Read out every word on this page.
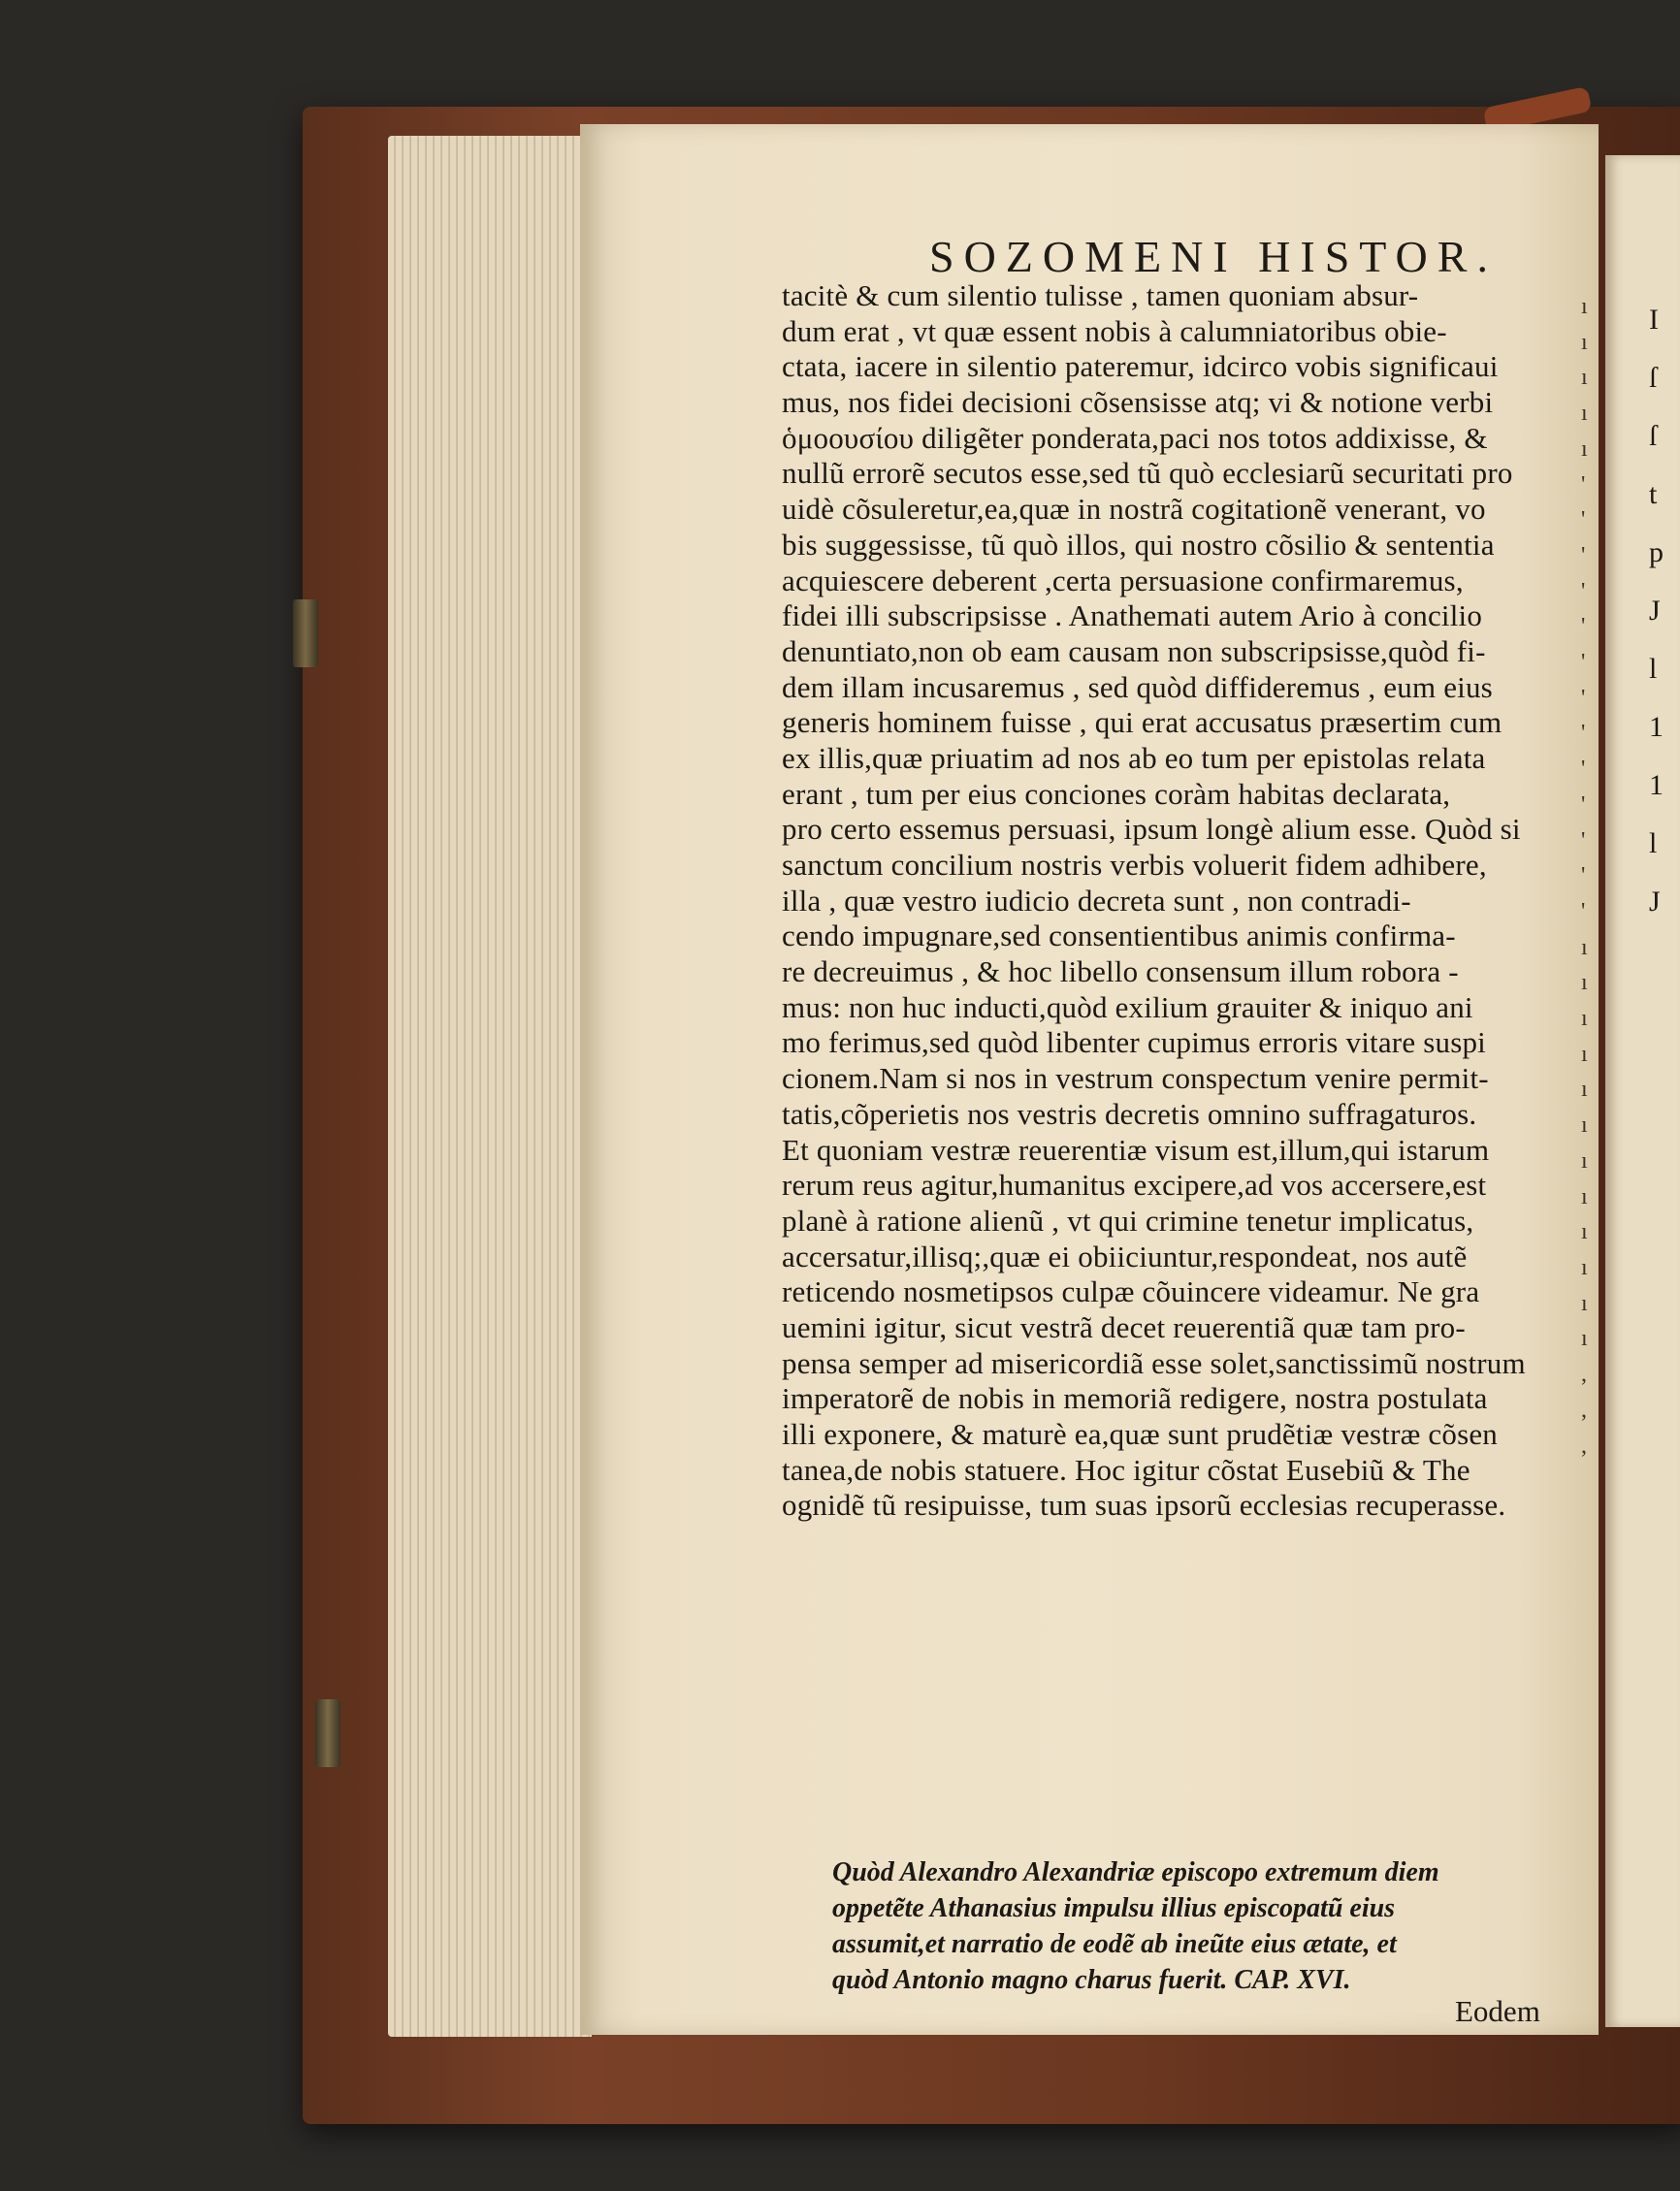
SOZOMENI HISTOR.
tacitè & cum silentio tulisse , tamen quoniam absur-
dum erat , vt quæ essent nobis à calumniatoribus obie-
ctata, iacere in silentio pateremur, idcirco vobis significaui
mus, nos fidei decisioni cõsensisse atq; vi & notione verbi
ὁμοουσίου diligẽter ponderata,paci nos totos addixisse, &
nullũ errorẽ secutos esse,sed tũ quò ecclesiarũ securitati pro
uidè cõsuleretur,ea,quæ in nostrã cogitationẽ venerant, vo
bis suggessisse, tũ quò illos, qui nostro cõsilio & sententia
acquiescere deberent ,certa persuasione confirmaremus,
fidei illi subscripsisse . Anathemati autem Ario à concilio
denuntiato,non ob eam causam non subscripsisse,quòd fi-
dem illam incusaremus , sed quòd diffideremus , eum eius
generis hominem fuisse , qui erat accusatus præsertim cum
ex illis,quæ priuatim ad nos ab eo tum per epistolas relata
erant , tum per eius conciones coràm habitas declarata,
pro certo essemus persuasi, ipsum longè alium esse. Quòd si
sanctum concilium nostris verbis voluerit fidem adhibere,
illa , quæ vestro iudicio decreta sunt , non contradi-
cendo impugnare,sed consentientibus animis confirma-
re decreuimus , & hoc libello consensum illum robora -
mus: non huc inducti,quòd exilium grauiter & iniquo ani
mo ferimus,sed quòd libenter cupimus erroris vitare suspi
cionem.Nam si nos in vestrum conspectum venire permit-
tatis,cõperietis nos vestris decretis omnino suffragaturos.
Et quoniam vestræ reuerentiæ visum est,illum,qui istarum
rerum reus agitur,humanitus excipere,ad vos accersere,est
planè à ratione alienũ , vt qui crimine tenetur implicatus,
accersatur,illisq;,quæ ei obiiciuntur,respondeat, nos autẽ
reticendo nosmetipsos culpæ cõuincere videamur. Ne gra
uemini igitur, sicut vestrã decet reuerentiã quæ tam pro-
pensa semper ad misericordiã esse solet,sanctissimũ nostrum
imperatorẽ de nobis in memoriã redigere, nostra postulata
illi exponere, & maturè ea,quæ sunt prudẽtiæ vestræ cõsen
tanea,de nobis statuere. Hoc igitur cõstat Eusebiũ & The
ognidẽ tũ resipuisse, tum suas ipsorũ ecclesias recuperasse.
Quòd Alexandro Alexandriæ episcopo extremum diem
oppetẽte Athanasius impulsu illius episcopatũ eius
assumit,et narratio de eodẽ ab ineũte eius ætate, et
quòd Antonio magno charus fuerit. CAP. XVI.
Eodem
ı
ı
ı
ı
ı
'
'
'
'
'
'
'
'
'
'
'
'
'
ı
ı
ı
ı
ı
ı
ı
ı
ı
ı
ı
ı
,
,
,
I
ſ
ſ
t
p
J
l
1
1
l
J
